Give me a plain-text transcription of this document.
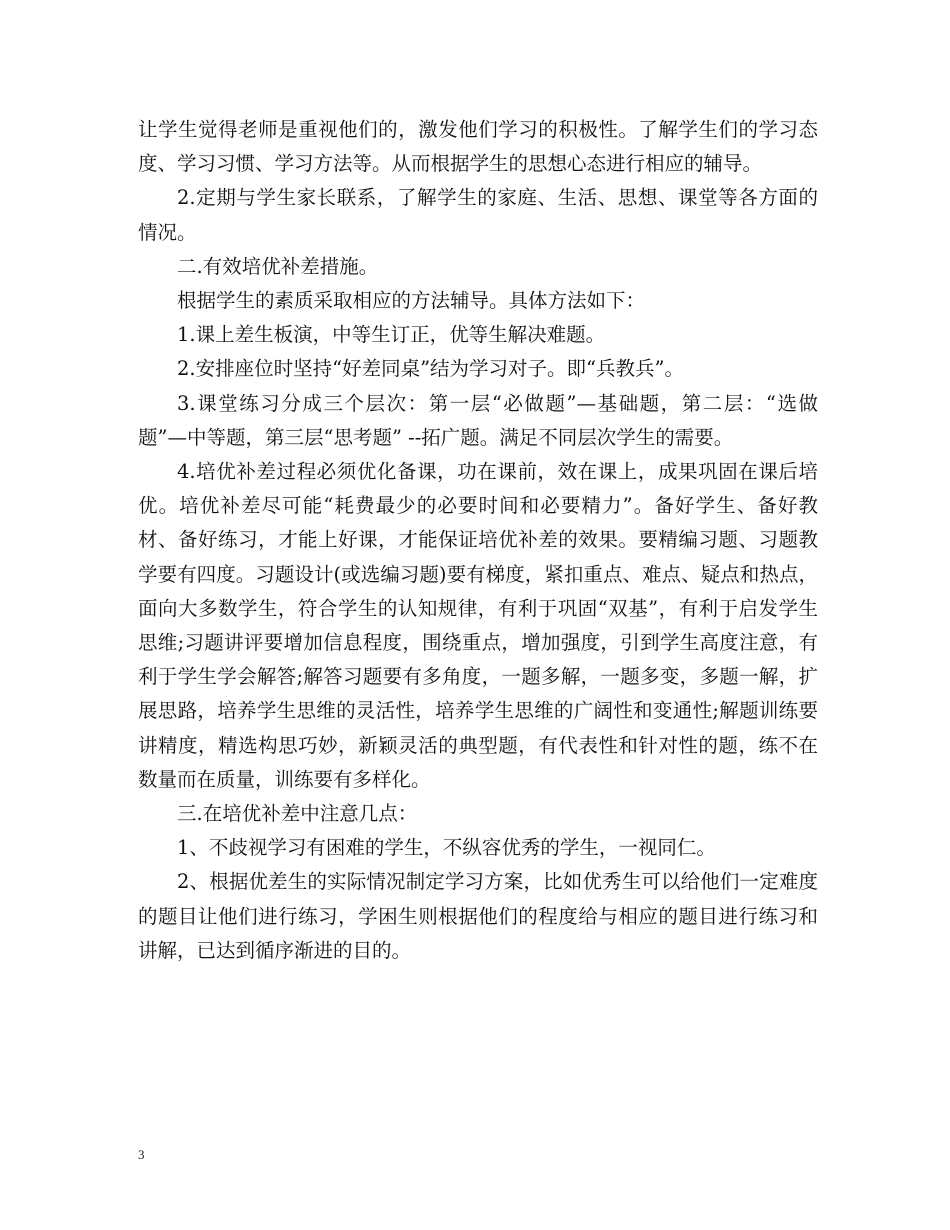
让学生觉得老师是重视他们的，激发他们学习的积极性。了解学生们的学习态度、学习习惯、学习方法等。从而根据学生的思想心态进行相应的辅导。

2.定期与学生家长联系，了解学生的家庭、生活、思想、课堂等各方面的情况。

二.有效培优补差措施。

根据学生的素质采取相应的方法辅导。具体方法如下：

1.课上差生板演，中等生订正，优等生解决难题。

2.安排座位时坚持“好差同桌”结为学习对子。即“兵教兵”。

3.课堂练习分成三个层次：第一层“必做题”—基础题，第二层：“选做题”—中等题，第三层“思考题” --拓广题。满足不同层次学生的需要。

4.培优补差过程必须优化备课，功在课前，效在课上，成果巩固在课后培优。培优补差尽可能“耗费最少的必要时间和必要精力”。备好学生、备好教材、备好练习，才能上好课，才能保证培优补差的效果。要精编习题、习题教学要有四度。习题设计(或选编习题)要有梯度，紧扣重点、难点、疑点和热点，面向大多数学生，符合学生的认知规律，有利于巩固“双基”，有利于启发学生思维;习题讲评要增加信息程度，围绕重点，增加强度，引到学生高度注意，有利于学生学会解答;解答习题要有多角度，一题多解，一题多变，多题一解，扩展思路，培养学生思维的灵活性，培养学生思维的广阔性和变通性;解题训练要讲精度，精选构思巧妙，新颖灵活的典型题，有代表性和针对性的题，练不在数量而在质量，训练要有多样化。

三.在培优补差中注意几点：

1、不歧视学习有困难的学生，不纵容优秀的学生，一视同仁。

2、根据优差生的实际情况制定学习方案，比如优秀生可以给他们一定难度的题目让他们进行练习，学困生则根据他们的程度给与相应的题目进行练习和讲解，已达到循序渐进的目的。

3
